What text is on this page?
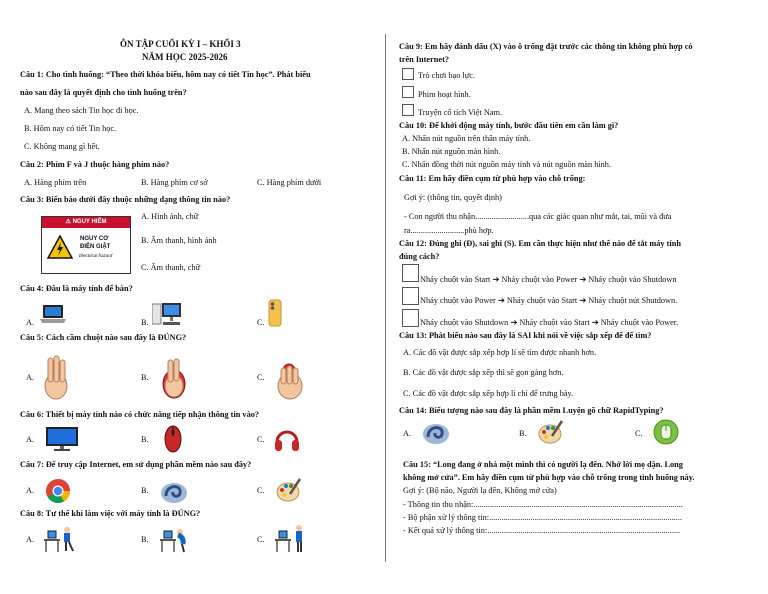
ÔN TẬP CUỐI KỲ I – KHỐI 3
NĂM HỌC 2025-2026
Câu 1: Cho tình huống: “Theo thời khóa biểu, hôm nay có tiết Tin học”. Phát biểu
nào sau đây là quyết định cho tình huống trên?
A. Mang theo sách Tin học đi học.
B. Hôm nay có tiết Tin học.
C. Không mang gì hết.
Câu 2: Phím F và J thuộc hàng phím nào?
A. Hàng phím trên	B. Hàng phím cơ sở	C. Hàng phím dưới
Câu 3: Biển báo dưới đây thuộc những dạng thông tin nào?
⚠ NGUY HIỂM
NGUY CƠ
ĐIỆN GIẬT
Electrical hazard
A. Hình ảnh, chữ
B. Âm thanh, hình ảnh
C. Âm thanh, chữ
Câu 4: Đâu là máy tính để bàn?
A.	B.	C.
Câu 5: Cách cầm chuột nào sau đây là ĐÚNG?
A.	B.	C.
Câu 6: Thiết bị máy tính nào có chức năng tiếp nhận thông tin vào?
A.	B.	C.
Câu 7: Để truy cập Internet, em sử dụng phần mềm nào sau đây?
A.	B.	C.
Câu 8: Tư thế khi làm việc với máy tính là ĐÚNG?
A.	B.	C.
Câu 9: Em hãy đánh dấu (X) vào ô trống đặt trước các thông tin không phù hợp có
trên Internet?
Trò chơi bạo lực.
Phim hoạt hình.
Truyện cổ tích Việt Nam.
Câu 10: Để khởi động máy tính, bước đầu tiên em cần làm gì?
A. Nhấn nút nguồn trên thân máy tính.
B. Nhấn nút nguồn màn hình.
C. Nhấn đồng thời nút nguồn máy tính và nút nguồn màn hình.
Câu 11: Em hãy điền cụm từ phù hợp vào chỗ trống:
Gợi ý: (thông tin, quyết định)
- Con người thu nhận..........................qua các giác quan như mắt, tai, mũi và đưa
ra..........................phù hợp.
Câu 12: Đúng ghi (Đ), sai ghi (S). Em cần thực hiện như thế nào để tắt máy tính
đúng cách?
Nháy chuột vào Start ➔ Nháy chuột vào Power ➔ Nháy chuột vào Shutdown
Nháy chuột vào Power ➔ Nháy chuột vào Start ➔ Nháy chuột nút Shutdown.
Nháy chuột vào Shutdown ➔ Nháy chuột vào Start ➔ Nháy chuột vào Power.
Câu 13: Phát biểu nào sau đây là SAI khi nói về việc sắp xếp để để tìm?
A. Các đồ vật được sắp xếp hợp lí sẽ tìm được nhanh hơn.
B. Các đồ vật được sắp xếp thì sẽ gọn gàng hơn.
C. Các đồ vật được sắp xếp hợp lí chỉ để trưng bày.
Câu 14: Biểu tượng nào sau đây là phần mềm Luyện gõ chữ RapidTyping?
A.	B.	C.
Câu 15: “Long đang ở nhà một mình thì có người lạ đến. Nhớ lời mẹ dặn. Long
không mở cửa”. Em hãy điền cụm từ phù hợp vào chỗ trống trong tình huống này.
Gợi ý: (Bộ não, Người lạ đến, Không mở cửa)
- Thông tin thu nhận:.....................................................................................................
- Bộ phận xử lý thông tin:.............................................................................................
- Kết quả xử lý thông tin:.............................................................................................
